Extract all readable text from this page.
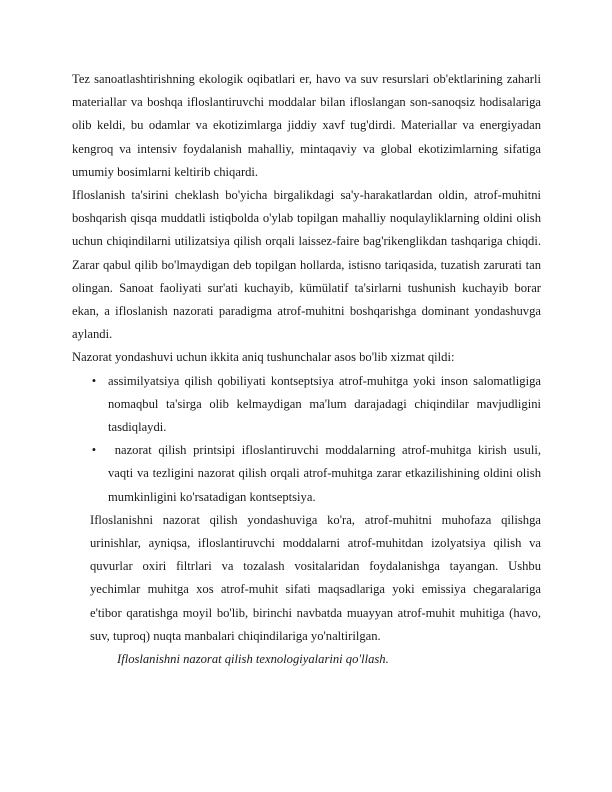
Tez sanoatlashtirishning ekologik oqibatlari er, havo va suv resurslari ob'ektlarining zaharli materiallar va boshqa ifloslantiruvchi moddalar bilan ifloslangan son-sanoqsiz hodisalariga olib keldi, bu odamlar va ekotizimlarga jiddiy xavf tug'dirdi. Materiallar va energiyadan kengroq va intensiv foydalanish mahalliy, mintaqaviy va global ekotizimlarning sifatiga umumiy bosimlarni keltirib chiqardi.

Ifloslanish ta'sirini cheklash bo'yicha birgalikdagi sa'y-harakatlardan oldin, atrof-muhitni boshqarish qisqa muddatli istiqbolda o'ylab topilgan mahalliy noqulayliklarning oldini olish uchun chiqindilarni utilizatsiya qilish orqali laissez-faire bag'rikenglikdan tashqariga chiqdi. Zarar qabul qilib bo'lmaydigan deb topilgan hollarda, istisno tariqasida, tuzatish zarurati tan olingan. Sanoat faoliyati sur'ati kuchayib, kümülatif ta'sirlarni tushunish kuchayib borar ekan, a ifloslanish nazorati paradigma atrof-muhitni boshqarishga dominant yondashuvga aylandi.

Nazorat yondashuvi uchun ikkita aniq tushunchalar asos bo'lib xizmat qildi:

• assimilyatsiya qilish qobiliyati kontseptsiya atrof-muhitga yoki inson salomatligiga nomaqbul ta'sirga olib kelmaydigan ma'lum darajadagi chiqindilar mavjudligini tasdiqlaydi.
• nazorat qilish printsipi ifloslantiruvchi moddalarning atrof-muhitga kirish usuli, vaqti va tezligini nazorat qilish orqali atrof-muhitga zarar etkazilishining oldini olish mumkinligini ko'rsatadigan kontseptsiya.

Ifloslanishni nazorat qilish yondashuviga ko'ra, atrof-muhitni muhofaza qilishga urinishlar, ayniqsa, ifloslantiruvchi moddalarni atrof-muhitdan izolyatsiya qilish va quvurlar oxiri filtrlari va tozalash vositalaridan foydalanishga tayangan. Ushbu yechimlar muhitga xos atrof-muhit sifati maqsadlariga yoki emissiya chegaralariga e'tibor qaratishga moyil bo'lib, birinchi navbatda muayyan atrof-muhit muhitiga (havo, suv, tuproq) nuqta manbalari chiqindilariga yo'naltirilgan.

Ifloslanishni nazorat qilish texnologiyalarini qo'llash.
